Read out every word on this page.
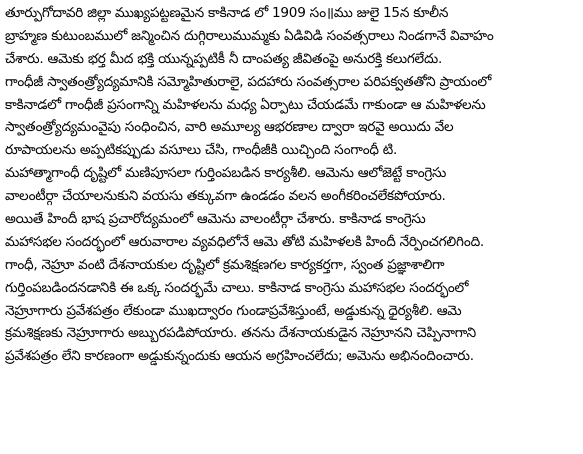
తూర్పుగోదావరి జిల్లా ముఖ్యపట్టణమైన కాకినాడ లో 1909 సం॥ము జులై 15న కూలీన
బ్రాహ్మణ కుటుంబములో జన్మించిన దుగ్గిరాలుముమ్మకు ఏడివిడి సంవత్సరాలు నిండగానే వివాహం
చేశారు. ఆమెకు భర్త మీద భక్తి యున్నప్పటికీ నీ దాంపత్య జీవితంపై అనురక్తి కలుగలేదు.
గాంధీజీ స్వాతంత్ర్యోద్యమానికి సమ్మోహితురాలై, పదహారు సంవత్సరాల పరిపక్వతతోని ప్రాయంలో
కాకినాడలో గాంధీజీ ప్రసంగాన్ని మహిళలను మధ్య ఏర్పాటు చేయడమే గాకుండా ఆ మహిళలను
స్వాతంత్ర్యోద్యమంవైపు సంధించిన, వారి అమూల్య ఆభరణాల ద్వారా ఇరవై అయిదు వేల
రూపాయలను అప్పటికప్పుడు వసూలు చేసి, గాంధీజీకి యిచ్చింది సంగాంధీ టి.
మహాత్మాగాంధీ దృష్టిలో మణిపూసలా గుర్తింపబడిన కార్యశీలి. ఆమెను ఆలోజెట్టే కాంగ్రెసు
వాలంటీర్గా చేయాలనుకుని వయసు తక్కువగా ఉండడం వలన అంగీకరించలేకపోయారు.
అయితే హిందీ భాష ప్రచారోద్యమంలో ఆమెను వాలంటీర్గా చేశారు. కాకినాడ కాంగ్రెసు
మహాసభల సందర్భంలో ఆరువారాల వ్యవధిలోనే ఆమె తోటి మహిళలకి హిందీ నేర్పించగలిగింది.
గాంధీ, నెహ్రూ వంటి దేశనాయకుల దృష్టిలో క్రమశిక్షణగల కార్యకర్తగా, స్వంత ప్రజ్ఞాశాలిగా
గుర్తింపబడిందనడానికి ఈ ఒక్క సందర్భమే చాలు. కాకినాడ కాంగ్రెసు మహాసభల సందర్భంలో
నెహ్రూగారు ప్రవేశపత్రం లేకుండా ముఖద్వారం గుండాప్రవేశిస్తుంటే, అడ్డుకున్న ధైర్యశీలి. ఆమె
క్రమశిక్షణకు నెహ్రూగారు అబ్బురపడిపోయారు. తనను దేశనాయకుడైన నెహ్రూనని చెప్పినాగాని
ప్రవేశపత్రం లేని కారణంగా అడ్డుకున్నందుకు ఆయన అగ్రహించలేదు; అమెను అభినందించారు.
